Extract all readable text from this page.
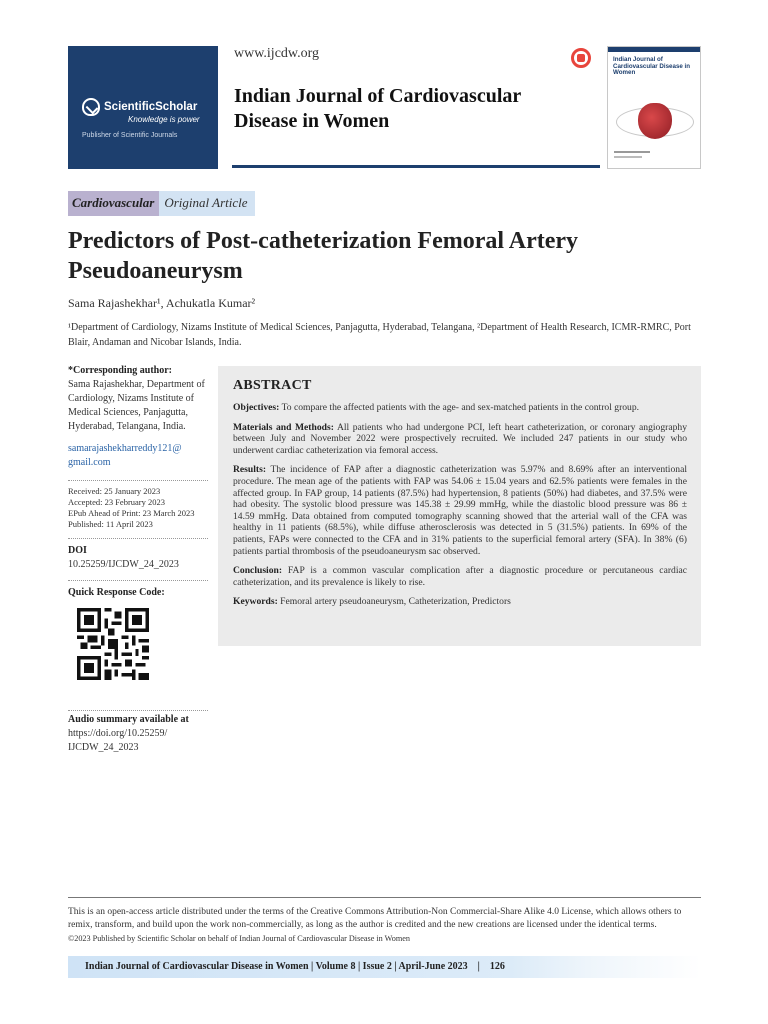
ScientificScholar
Knowledge is power
Publisher of Scientific Journals
www.ijcdw.org
Indian Journal of Cardiovascular Disease in Women
Indian Journal of Cardiovascular Disease in Women
Cardiovascular Original Article
Predictors of Post-catheterization Femoral Artery Pseudoaneurysm
Sama Rajashekhar¹, Achukatla Kumar²
¹Department of Cardiology, Nizams Institute of Medical Sciences, Panjagutta, Hyderabad, Telangana, ²Department of Health Research, ICMR-RMRC, Port Blair, Andaman and Nicobar Islands, India.
*Corresponding author:
Sama Rajashekhar, Department of Cardiology, Nizams Institute of Medical Sciences, Panjagutta, Hyderabad, Telangana, India.
samarajashekharreddy121@ gmail.com
Received: 25 January 2023
Accepted: 23 February 2023
EPub Ahead of Print: 23 March 2023
Published: 11 April 2023
DOI
10.25259/IJCDW_24_2023
Quick Response Code:
Audio summary available at
https://doi.org/10.25259/ IJCDW_24_2023
ABSTRACT

Objectives: To compare the affected patients with the age- and sex-matched patients in the control group.

Materials and Methods: All patients who had undergone PCI, left heart catheterization, or coronary angiography between July and November 2022 were prospectively recruited. We included 247 patients in our study who underwent cardiac catheterization via femoral access.

Results: The incidence of FAP after a diagnostic catheterization was 5.97% and 8.69% after an interventional procedure. The mean age of the patients with FAP was 54.06 ± 15.04 years and 62.5% patients were females in the affected group. In FAP group, 14 patients (87.5%) had hypertension, 8 patients (50%) had diabetes, and 37.5% were had obesity. The systolic blood pressure was 145.38 ± 29.99 mmHg, while the diastolic blood pressure was 86 ± 14.59 mmHg. Data obtained from computed tomography scanning showed that the arterial wall of the CFA was healthy in 11 patients (68.5%), while diffuse atherosclerosis was detected in 5 (31.5%) patients. In 69% of the patients, FAPs were connected to the CFA and in 31% patients to the superficial femoral artery (SFA). In 38% (6) patients partial thrombosis of the pseudoaneurysm sac observed.

Conclusion: FAP is a common vascular complication after a diagnostic procedure or percutaneous cardiac catheterization, and its prevalence is likely to rise.

Keywords: Femoral artery pseudoaneurysm, Catheterization, Predictors

This is an open-access article distributed under the terms of the Creative Commons Attribution-Non Commercial-Share Alike 4.0 License, which allows others to remix, transform, and build upon the work non-commercially, as long as the author is credited and the new creations are licensed under the identical terms.
©2023 Published by Scientific Scholar on behalf of Indian Journal of Cardiovascular Disease in Women
Indian Journal of Cardiovascular Disease in Women | Volume 8 | Issue 2 | April-June 2023    |    126
